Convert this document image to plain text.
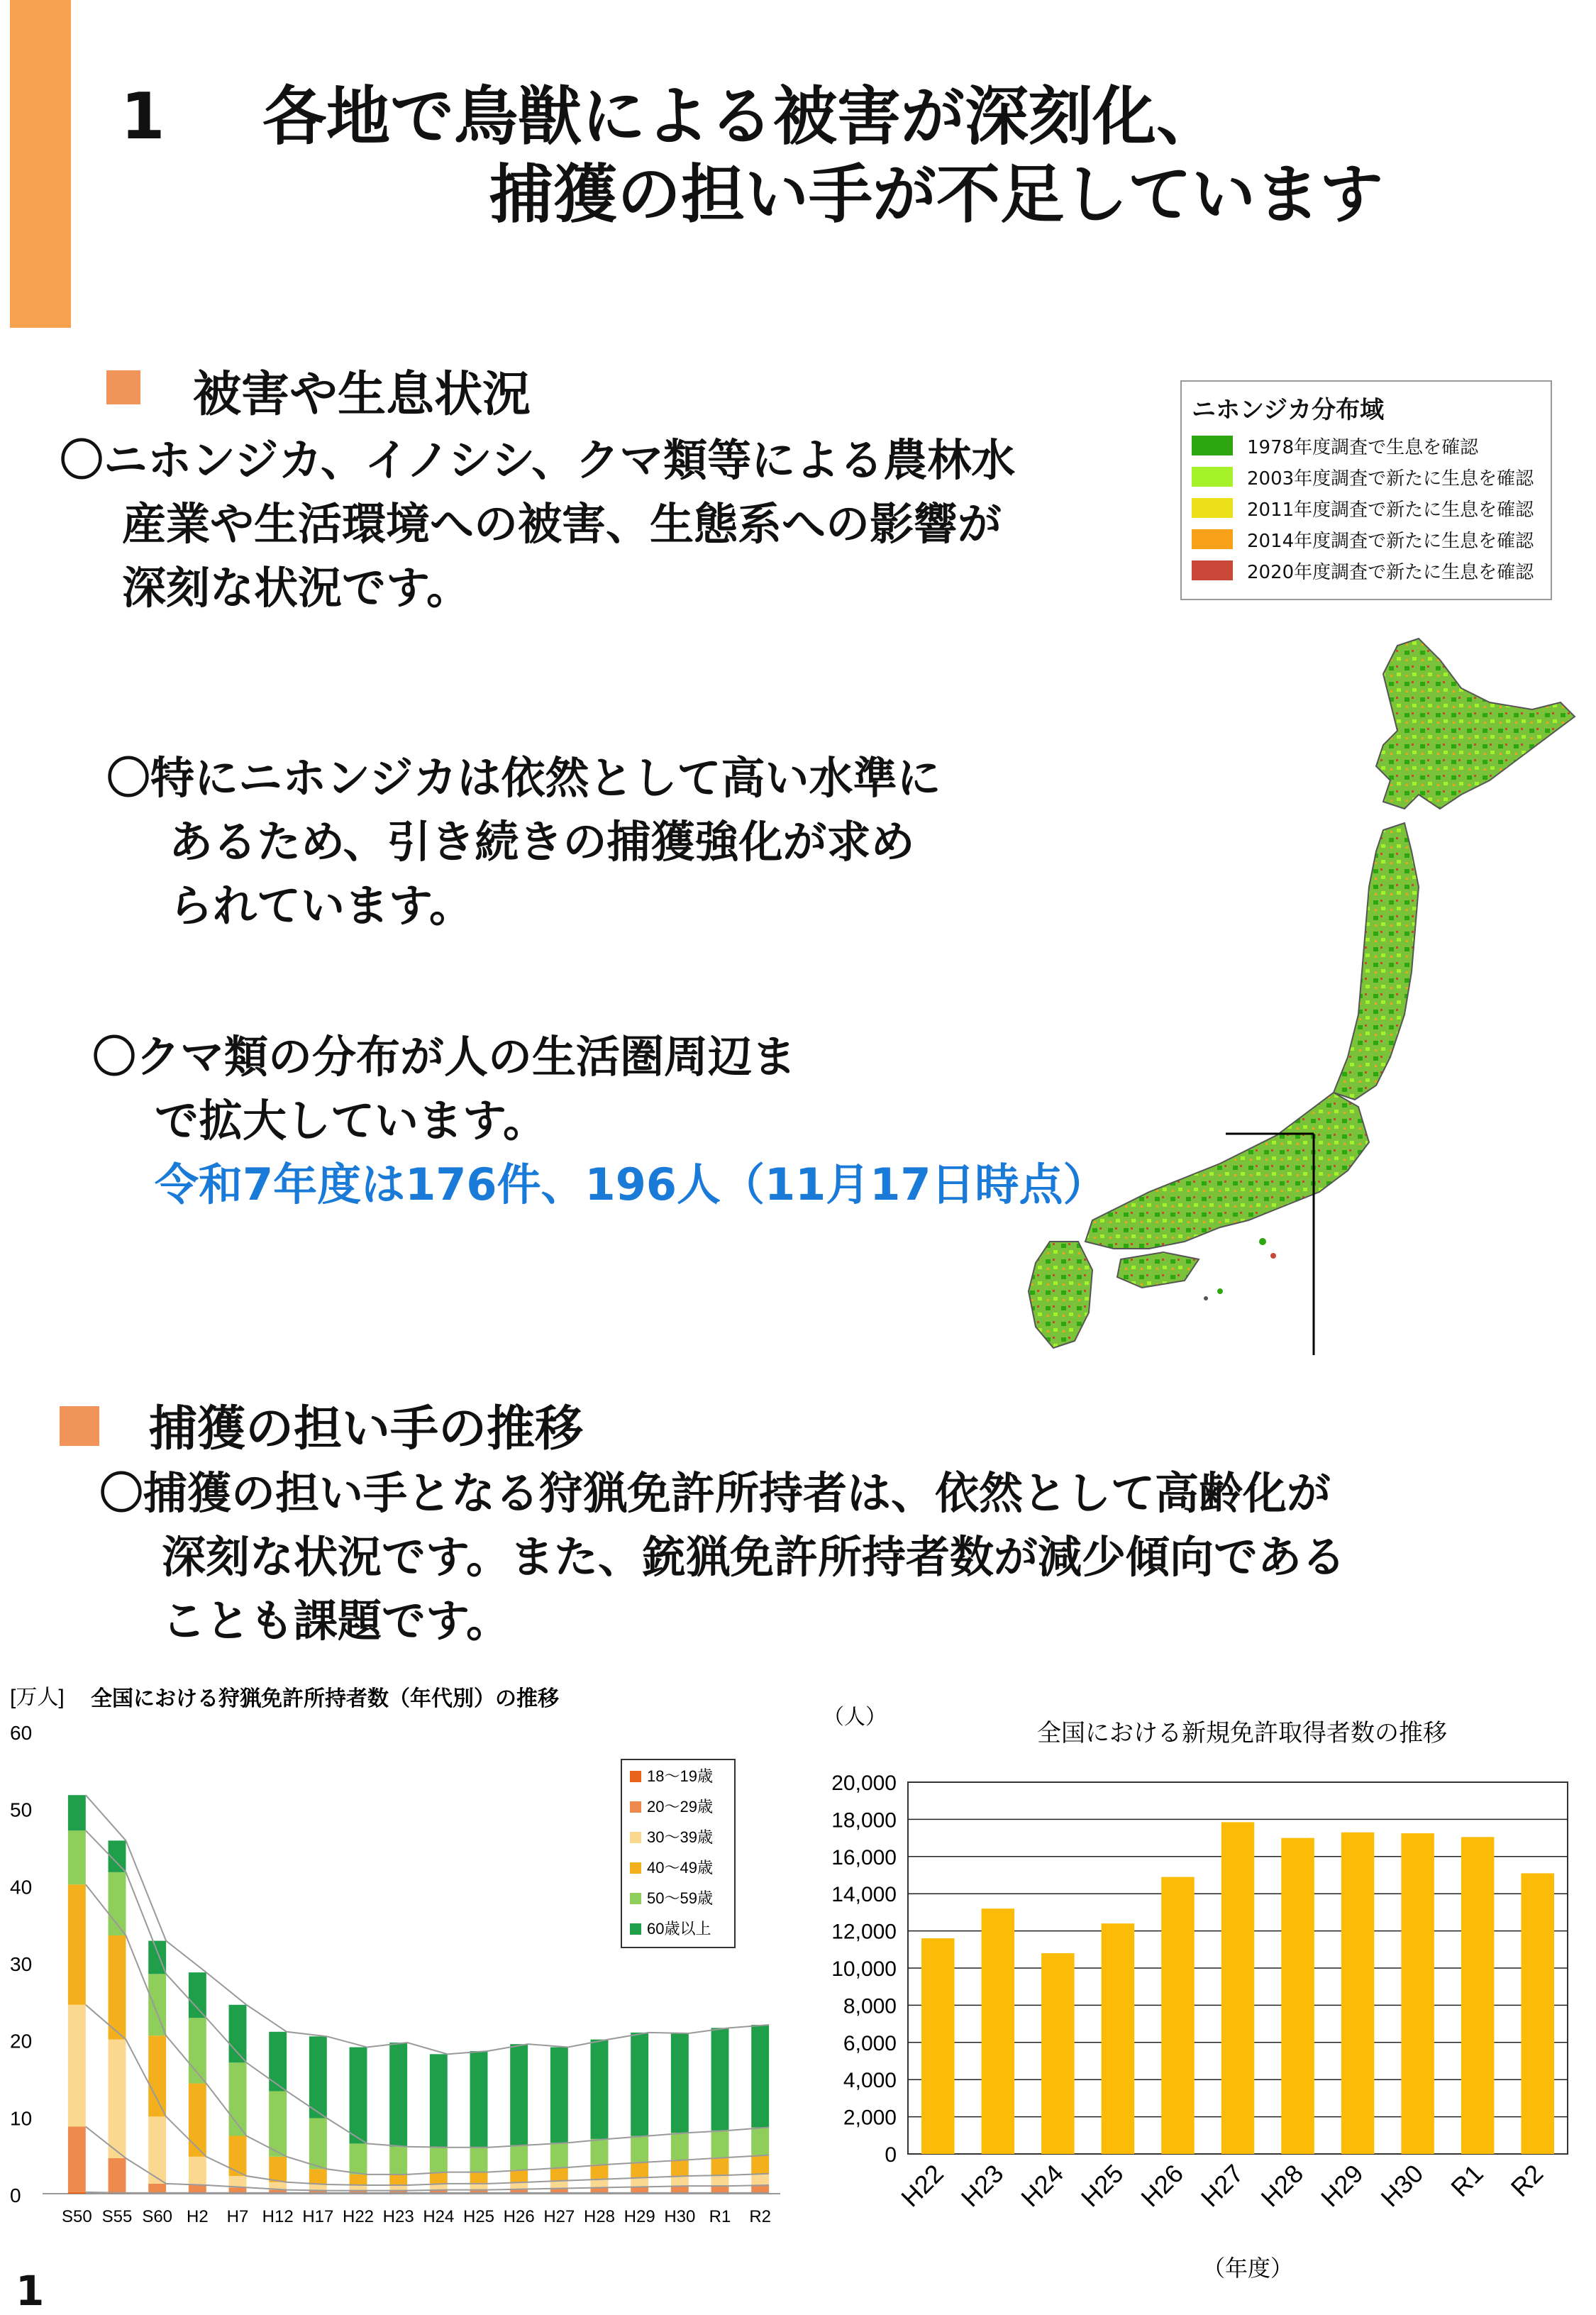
1 各地で鳥獣による被害が深刻化、
捕獲の担い手が不足しています
被害や生息状況
〇ニホンジカ、イノシシ、クマ類等による農林水
産業や生活環境への被害、生態系への影響が
深刻な状況です。
〇特にニホンジカは依然として高い水準に
あるため、引き続きの捕獲強化が求め
られています。
〇クマ類の分布が人の生活圏周辺ま
で拡大しています。
令和7年度は176件、196人（11月17日時点）
ニホンジカ分布域
1978年度調査で生息を確認
2003年度調査で新たに生息を確認
2011年度調査で新たに生息を確認
2014年度調査で新たに生息を確認
2020年度調査で新たに生息を確認
捕獲の担い手の推移
〇捕獲の担い手となる狩猟免許所持者は、依然として高齢化が
深刻な状況です。また、銃猟免許所持者数が減少傾向である
ことも課題です。
[万人] 全国における狩猟免許所持者数（年代別）の推移
0
10
20
30
40
50
60
S50 S55 S60 H2 H7 H12 H17 H22 H23 H24 H25 H26 H27 H28 H29 H30 R1 R2
18〜19歳
20〜29歳
30〜39歳
40〜49歳
50〜59歳
60歳以上
（人）
全国における新規免許取得者数の推移
0
2,000
4,000
6,000
8,000
10,000
12,000
14,000
16,000
18,000
20,000
H22 H23 H24 H25 H26 H27 H28 H29 H30 R1 R2
（年度）
1
